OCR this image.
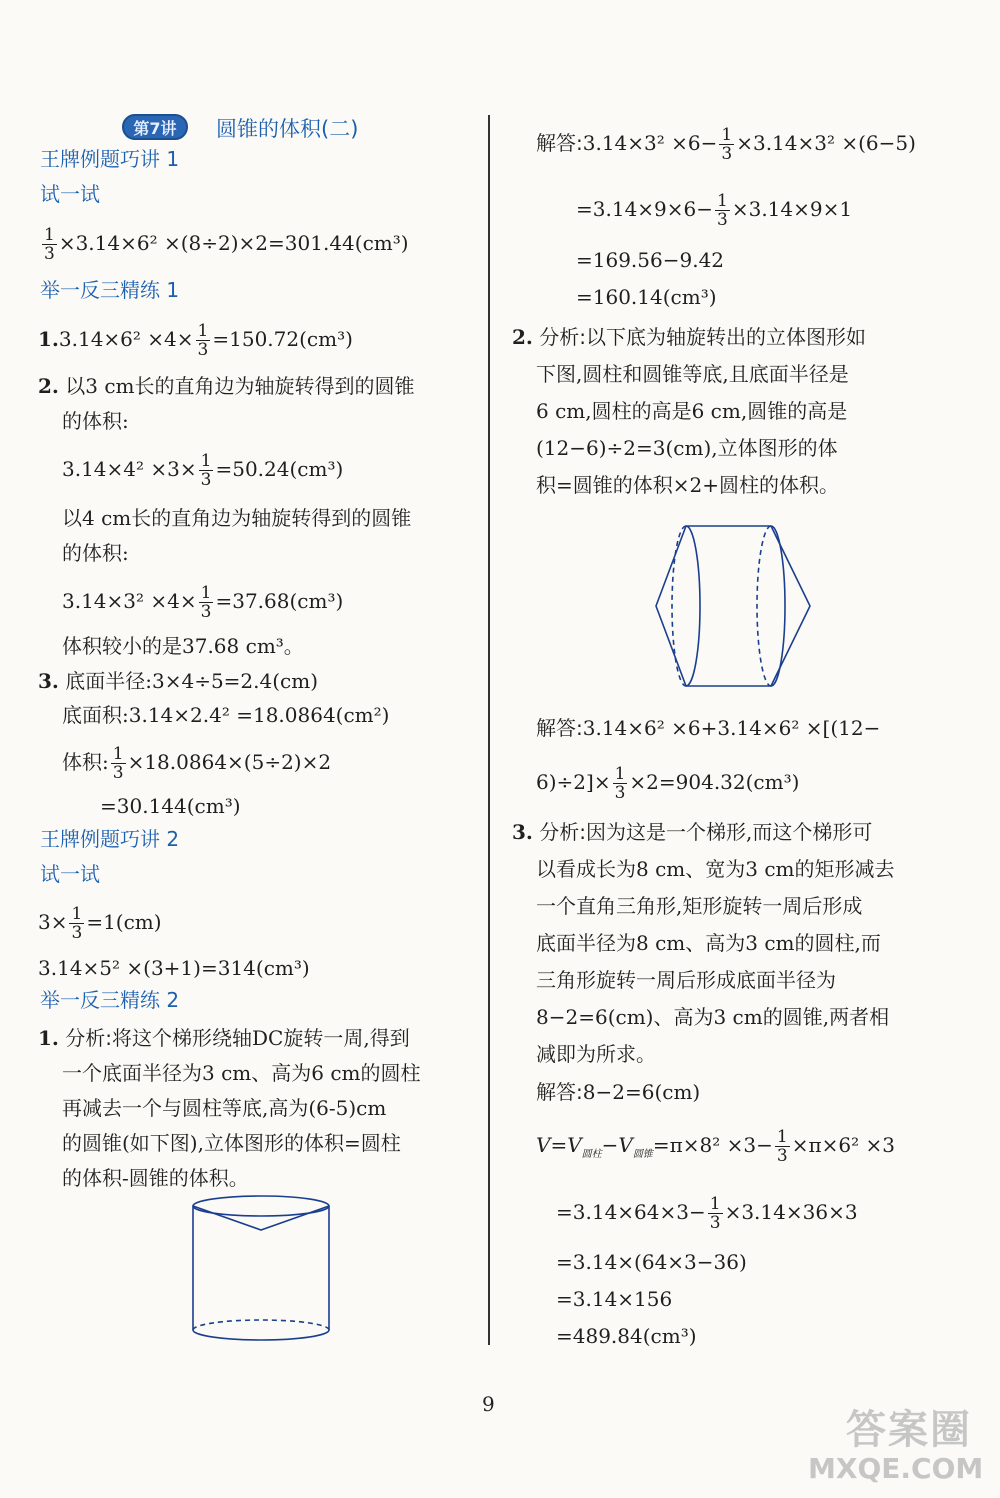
第7讲	圆锥的体积(二)
王牌例题巧讲 1
试一试
$\frac{1}{3} \times 3.14\times 6^2 \times(8\div 2)\times 2=301.44(cm^3)$
举一反三精练 1
$1.3.14\times 6^2 \times 4\times \frac{1}{3} =150.72(cm^3)$
2. 以3 cm长的直角边为轴旋转得到的圆锥
的体积:
$3.14\times 4^2 \times 3\times \frac{1}{3} =50.24(cm^3)$
以4 cm长的直角边为轴旋转得到的圆锥
的体积:
$3.14\times 3^2 \times 4\times \frac{1}{3} =37.68(cm^3)$
体积较小的是37.68 cm³。
3. 底面半径:3×4÷5=2.4(cm)
底面积:3.14×2.4² =18.0864(cm²)
体积: $\frac{1}{3} \times 18.0864\times(5\div 2)\times 2$
=30.144(cm³)
王牌例题巧讲 2
试一试
$3\times \frac{1}{3} =1(cm)$
3.14×5² ×(3+1)=314(cm³)
举一反三精练 2
1. 分析:将这个梯形绕轴DC旋转一周,得到
一个底面半径为3 cm、高为6 cm的圆柱
再减去一个与圆柱等底,高为(6-5)cm
的圆锥(如下图),立体图形的体积=圆柱
的体积-圆锥的体积。
解答:3.14×3² $\times 6- \frac{1}{3} \times 3.14\times 3^2 \times(6-5)$
$=3.14\times 9\times 6- \frac{1}{3} \times 3.14\times 9\times 1$
=169.56−9.42
=160.14(cm³)
2. 分析:以下底为轴旋转出的立体图形如
下图,圆柱和圆锥等底,且底面半径是
6 cm,圆柱的高是6 cm,圆锥的高是
(12−6)÷2=3(cm),立体图形的体
积=圆锥的体积×2+圆柱的体积。
解答:3.14×6² ×6+3.14×6² ×[(12−
$6)\div 2]\times \frac{1}{3} \times 2=904.32(cm^3)$
3. 分析:因为这是一个梯形,而这个梯形可
以看成长为8 cm、宽为3 cm的矩形减去
一个直角三角形,矩形旋转一周后形成
底面半径为8 cm、高为3 cm的圆柱,而
三角形旋转一周后形成底面半径为
8−2=6(cm)、高为3 cm的圆锥,两者相
减即为所求。
解答:8−2=6(cm)
$V=V_{圆柱}-V_{圆锥}=\pi\times 8^2 \times 3- \frac{1}{3} \times\pi\times 6^2 \times 3$
$=3.14\times 64\times 3- \frac{1}{3} \times 3.14\times 36\times 3$
=3.14×(64×3−36)
=3.14×156
=489.84(cm³)
9
答案圈
MXQE.COM
